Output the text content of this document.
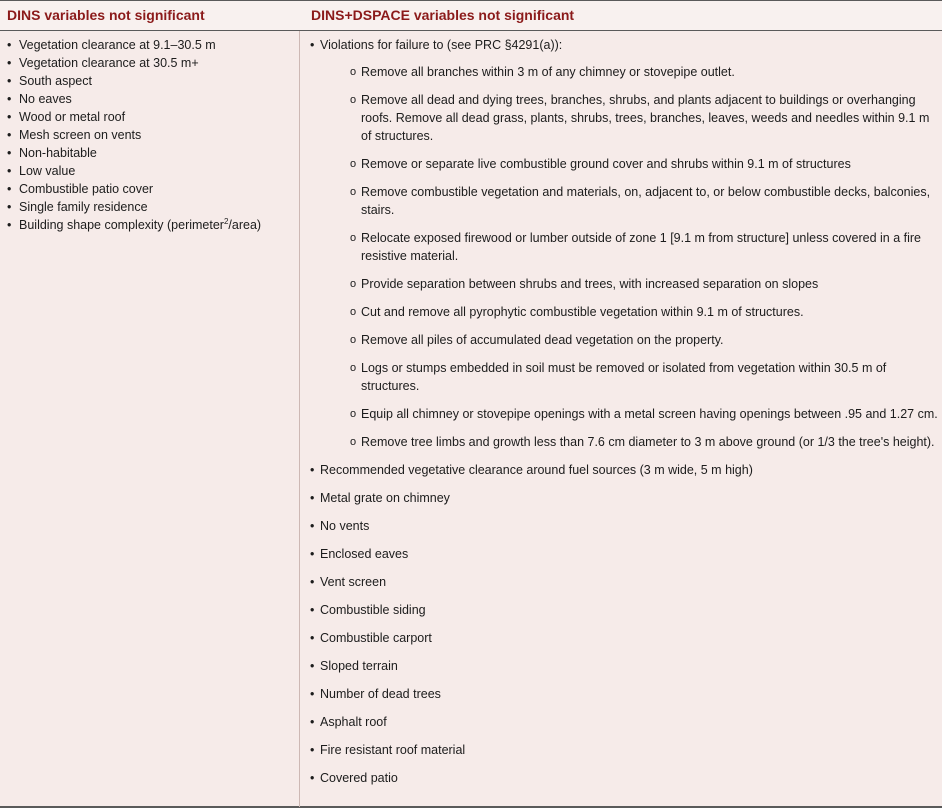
DINS variables not significant	DINS+DSPACE variables not significant
• Vegetation clearance at 9.1–30.5 m
• Vegetation clearance at 30.5 m+
• South aspect
• No eaves
• Wood or metal roof
• Mesh screen on vents
• Non-habitable
• Low value
• Combustible patio cover
• Single family residence
• Building shape complexity (perimeter$^2$/area)
• Violations for failure to (see PRC §4291(a)):
o Remove all branches within 3 m of any chimney or stovepipe outlet.
o Remove all dead and dying trees, branches, shrubs, and plants adjacent to buildings or overhanging roofs. Remove all dead grass, plants, shrubs, trees, branches, leaves, weeds and needles within 9.1 m of structures.
o Remove or separate live combustible ground cover and shrubs within 9.1 m of structures
o Remove combustible vegetation and materials, on, adjacent to, or below combustible decks, balconies, stairs.
o Relocate exposed firewood or lumber outside of zone 1 [9.1 m from structure] unless covered in a fire resistive material.
o Provide separation between shrubs and trees, with increased separation on slopes
o Cut and remove all pyrophytic combustible vegetation within 9.1 m of structures.
o Remove all piles of accumulated dead vegetation on the property.
o Logs or stumps embedded in soil must be removed or isolated from vegetation within 30.5 m of structures.
o Equip all chimney or stovepipe openings with a metal screen having openings between .95 and 1.27 cm.
o Remove tree limbs and growth less than 7.6 cm diameter to 3 m above ground (or 1/3 the tree's height).
• Recommended vegetative clearance around fuel sources (3 m wide, 5 m high)
• Metal grate on chimney
• No vents
• Enclosed eaves
• Vent screen
• Combustible siding
• Combustible carport
• Sloped terrain
• Number of dead trees
• Asphalt roof
• Fire resistant roof material
• Covered patio
